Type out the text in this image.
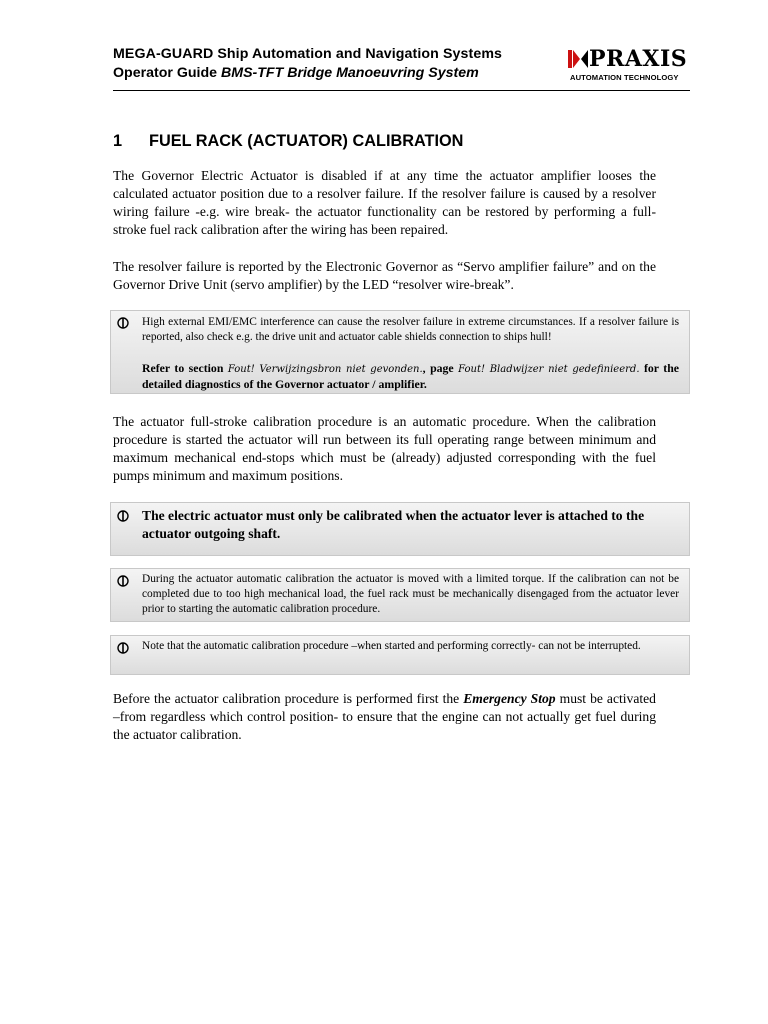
MEGA-GUARD Ship Automation and Navigation Systems
Operator Guide BMS-TFT Bridge Manoeuvring System
PRAXIS
AUTOMATION TECHNOLOGY
1 FUEL RACK (ACTUATOR) CALIBRATION
The Governor Electric Actuator is disabled if at any time the actuator amplifier looses the calculated actuator position due to a resolver failure. If the resolver failure is caused by a resolver wiring failure -e.g. wire break- the actuator functionality can be restored by performing a full-stroke fuel rack calibration after the wiring has been repaired.
The resolver failure is reported by the Electronic Governor as “Servo amplifier failure” and on the Governor Drive Unit (servo amplifier) by the LED “resolver wire-break”.
High external EMI/EMC interference can cause the resolver failure in extreme circumstances. If a resolver failure is reported, also check e.g. the drive unit and actuator cable shields connection to ships hull!
Refer to section Fout! Verwijzingsbron niet gevonden., page Fout! Bladwijzer niet gedefinieerd. for the detailed diagnostics of the Governor actuator / amplifier.
The actuator full-stroke calibration procedure is an automatic procedure. When the calibration procedure is started the actuator will run between its full operating range between minimum and maximum mechanical end-stops which must be (already) adjusted corresponding with the fuel pumps minimum and maximum positions.
The electric actuator must only be calibrated when the actuator lever is attached to the actuator outgoing shaft.
During the actuator automatic calibration the actuator is moved with a limited torque. If the calibration can not be completed due to too high mechanical load, the fuel rack must be mechanically disengaged from the actuator lever prior to starting the automatic calibration procedure.
Note that the automatic calibration procedure –when started and performing correctly- can not be interrupted.
Before the actuator calibration procedure is performed first the Emergency Stop must be activated –from regardless which control position- to ensure that the engine can not actually get fuel during the actuator calibration.
